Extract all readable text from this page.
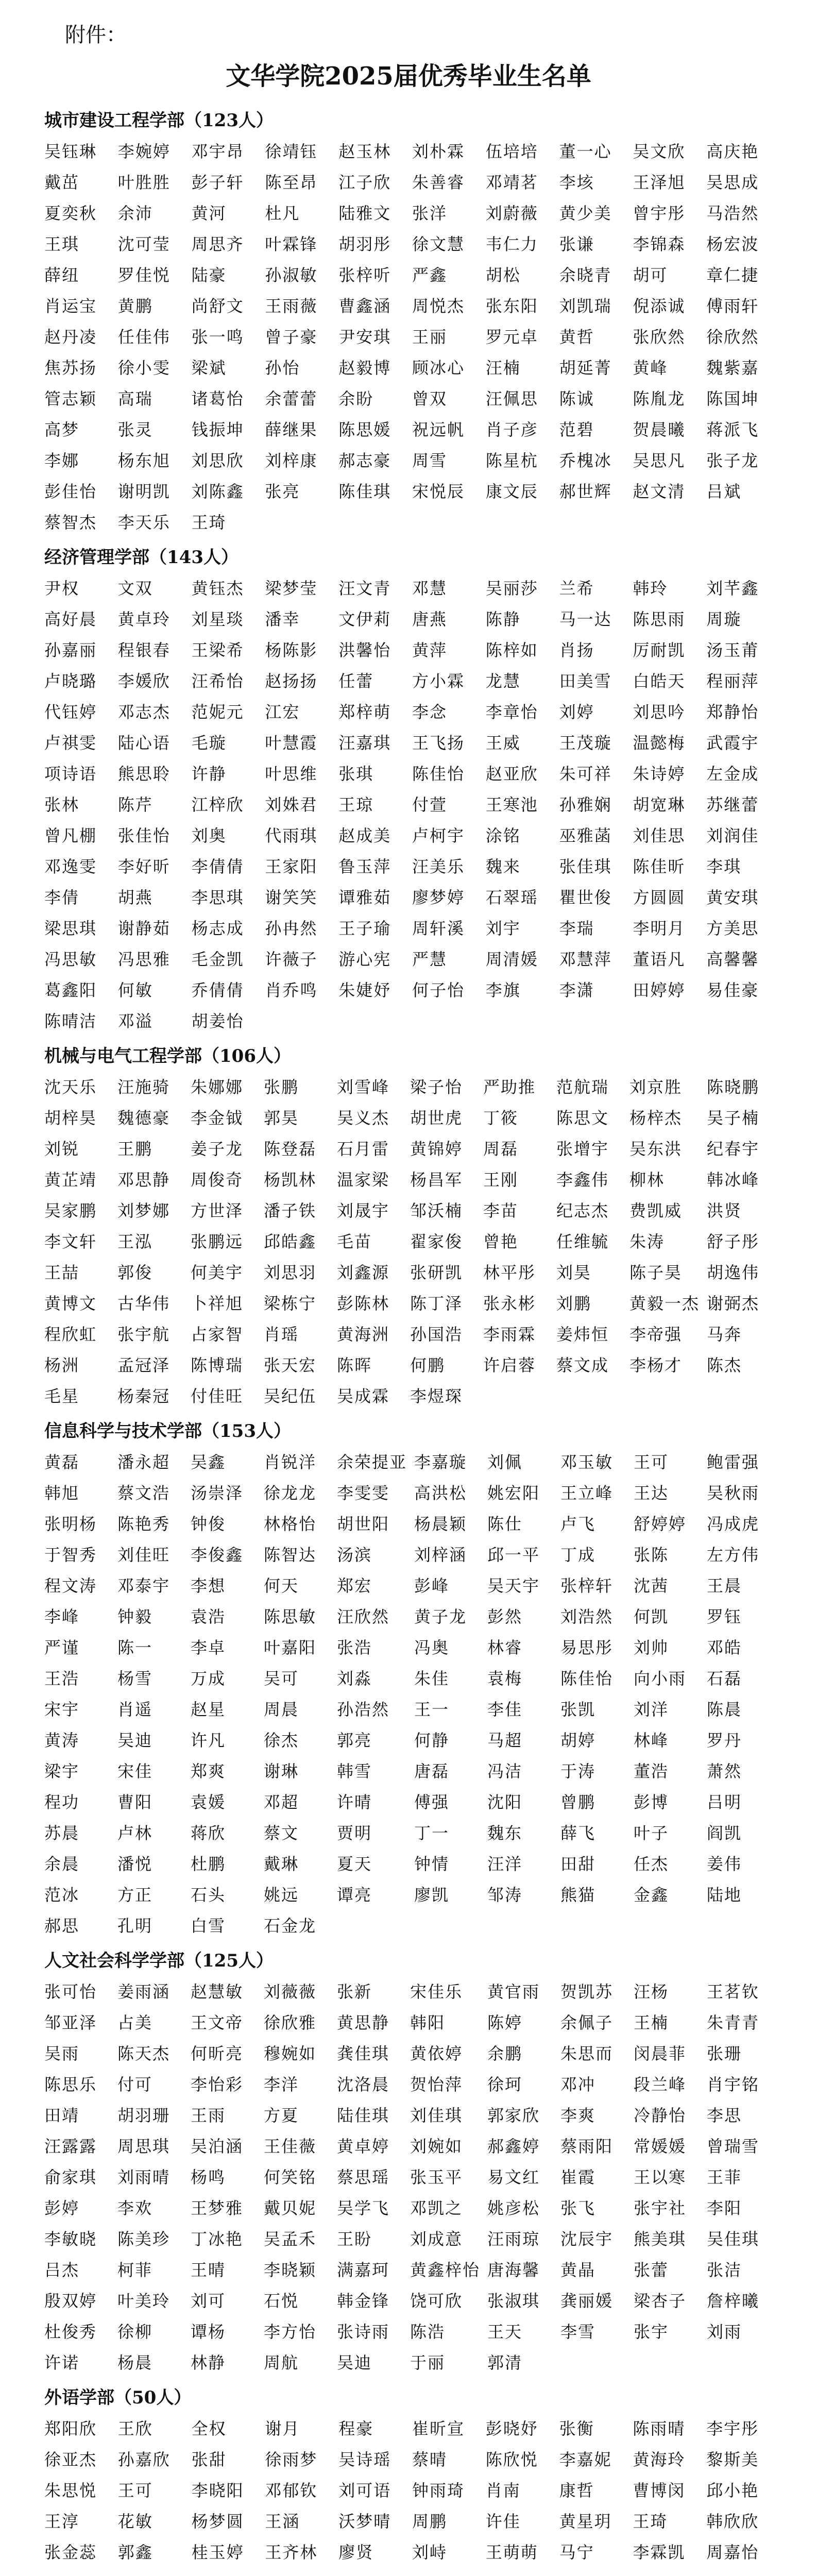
附件：
文华学院2025届优秀毕业生名单
城市建设工程学部（123人）
吴钰琳	李婉婷	邓宇昂	徐靖钰	赵玉林	刘朴霖	伍培培	董一心	吴文欣	高庆艳
戴茁	叶胜胜	彭子轩	陈至昂	江子欣	朱善睿	邓靖茗	李垓	王泽旭	吴思成
夏奕秋	余沛	黄河	杜凡	陆雅文	张洋	刘蔚薇	黄少美	曾宇彤	马浩然
王琪	沈可莹	周思齐	叶霖锋	胡羽彤	徐文慧	韦仁力	张谦	李锦森	杨宏波
薛纽	罗佳悦	陆豪	孙淑敏	张梓听	严鑫	胡松	余晓青	胡可	章仁捷
肖运宝	黄鹏	尚舒文	王雨薇	曹鑫涵	周悦杰	张东阳	刘凯瑞	倪添诚	傅雨轩
赵丹凌	任佳伟	张一鸣	曾子豪	尹安琪	王丽	罗元卓	黄哲	张欣然	徐欣然
焦苏扬	徐小雯	梁斌	孙怡	赵毅博	顾冰心	汪楠	胡延菁	黄峰	魏紫嘉
管志颖	高瑞	诸葛怡	余蕾蕾	余盼	曾双	汪佩思	陈诚	陈胤龙	陈国坤
高梦	张灵	钱振坤	薛继果	陈思媛	祝远帆	肖子彦	范碧	贺晨曦	蒋派飞
李娜	杨东旭	刘思欣	刘梓康	郝志豪	周雪	陈星杭	乔槐冰	吴思凡	张子龙
彭佳怡	谢明凯	刘陈鑫	张亮	陈佳琪	宋悦辰	康文辰	郝世辉	赵文清	吕斌
蔡智杰	李天乐	王琦
经济管理学部（143人）
尹权	文双	黄钰杰	梁梦莹	汪文青	邓慧	吴丽莎	兰希	韩玲	刘芊鑫
高好晨	黄卓玲	刘星琰	潘幸	文伊莉	唐燕	陈静	马一达	陈思雨	周璇
孙嘉丽	程银春	王梁希	杨陈影	洪馨怡	黄萍	陈梓如	肖扬	厉耐凯	汤玉莆
卢晓璐	李媛欣	汪希怡	赵扬扬	任蕾	方小霖	龙慧	田美雪	白皓天	程丽萍
代钰婷	邓志杰	范妮元	江宏	郑梓萌	李念	李章怡	刘婷	刘思吟	郑静怡
卢祺雯	陆心语	毛璇	叶慧霞	汪嘉琪	王飞扬	王威	王茂璇	温懿梅	武霞宇
项诗语	熊思聆	许静	叶思维	张琪	陈佳怡	赵亚欣	朱可祥	朱诗婷	左金成
张林	陈芹	江梓欣	刘姝君	王琼	付萱	王寒池	孙雅娴	胡宽琳	苏继蕾
曾凡棚	张佳怡	刘奥	代雨琪	赵成美	卢柯宇	涂铭	巫雅菡	刘佳思	刘润佳
邓逸雯	李好昕	李倩倩	王家阳	鲁玉萍	汪美乐	魏来	张佳琪	陈佳昕	李琪
李倩	胡燕	李思琪	谢笑笑	谭雅茹	廖梦婷	石翠瑶	瞿世俊	方圆圆	黄安琪
梁思琪	谢静茹	杨志成	孙冉然	王子瑜	周轩溪	刘宇	李瑞	李明月	方美思
冯思敏	冯思雅	毛金凯	许薇子	游心宪	严慧	周清媛	邓慧萍	董语凡	高馨馨
葛鑫阳	何敏	乔倩倩	肖乔鸣	朱婕妤	何子怡	李旗	李潇	田婷婷	易佳豪
陈晴洁	邓溢	胡姜怡
机械与电气工程学部（106人）
沈天乐	汪施骑	朱娜娜	张鹏	刘雪峰	梁子怡	严助推	范航瑞	刘京胜	陈晓鹏
胡梓昊	魏德豪	李金钺	郭昊	吴义杰	胡世虎	丁筱	陈思文	杨梓杰	吴子楠
刘锐	王鹏	姜子龙	陈登磊	石月雷	黄锦婷	周磊	张增宇	吴东洪	纪春宇
黄芷靖	邓思静	周俊奇	杨凯林	温家梁	杨昌军	王刚	李鑫伟	柳林	韩冰峰
吴家鹏	刘梦娜	方世泽	潘子铁	刘晟宇	邹沃楠	李苗	纪志杰	费凯威	洪贤
李文轩	王泓	张鹏远	邱皓鑫	毛苗	翟家俊	曾艳	任维毓	朱涛	舒子彤
王喆	郭俊	何美宇	刘思羽	刘鑫源	张研凯	林平彤	刘昊	陈子昊	胡逸伟
黄博文	古华伟	卜祥旭	梁栋宁	彭陈林	陈丁泽	张永彬	刘鹏	黄毅一杰 谢弼杰
程欣虹	张宇航	占家智	肖瑶	黄海洲	孙国浩	李雨霖	姜炜恒	李帝强	马奔
杨洲	孟冠泽	陈博瑞	张天宏	陈晖	何鹏	许启蓉	蔡文成	李杨才	陈杰
毛星	杨秦冠	付佳旺	吴纪伍	吴成霖	李煜琛
信息科学与技术学部（153人）
黄磊	潘永超	吴鑫	肖锐洋	余荣提亚 李嘉璇	刘佩	邓玉敏	王可	鲍雷强
韩旭	蔡文浩	汤崇泽	徐龙龙	李雯雯	高洪松	姚宏阳	王立峰	王达	吴秋雨
张明杨	陈艳秀	钟俊	林格怡	胡世阳	杨晨颖	陈仕	卢飞	舒婷婷	冯成虎
于智秀	刘佳旺	李俊鑫	陈智达	汤滨	刘梓涵	邱一平	丁成	张陈	左方伟
程文涛	邓泰宇	李想	何天	郑宏	彭峰	吴天宇	张梓轩	沈茜	王晨
李峰	钟毅	袁浩	陈思敏	汪欣然	黄子龙	彭然	刘浩然	何凯	罗钰
严谨	陈一	李卓	叶嘉阳	张浩	冯奥	林睿	易思彤	刘帅	邓皓
王浩	杨雪	万成	吴可	刘淼	朱佳	袁梅	陈佳怡	向小雨	石磊
宋宇	肖遥	赵星	周晨	孙浩然	王一	李佳	张凯	刘洋	陈晨
黄涛	吴迪	许凡	徐杰	郭亮	何静	马超	胡婷	林峰	罗丹
梁宇	宋佳	郑爽	谢琳	韩雪	唐磊	冯洁	于涛	董浩	萧然
程功	曹阳	袁媛	邓超	许晴	傅强	沈阳	曾鹏	彭博	吕明
苏晨	卢林	蒋欣	蔡文	贾明	丁一	魏东	薛飞	叶子	阎凯
余晨	潘悦	杜鹏	戴琳	夏天	钟情	汪洋	田甜	任杰	姜伟
范冰	方正	石头	姚远	谭亮	廖凯	邹涛	熊猫	金鑫	陆地
郝思	孔明	白雪	石金龙
人文社会科学学部（125人）
张可怡	姜雨涵	赵慧敏	刘薇薇	张新	宋佳乐	黄官雨	贺凯苏	汪杨	王茗钦
邹亚泽	占美	王文帝	徐欣雅	黄思静	韩阳	陈婷	余佩子	王楠	朱青青
吴雨	陈天杰	何昕亮	穆婉如	龚佳琪	黄依婷	余鹏	朱思而	闵晨菲	张珊
陈思乐	付可	李怡彩	李洋	沈洛晨	贺怡萍	徐珂	邓冲	段兰峰	肖宇铭
田靖	胡羽珊	王雨	方夏	陆佳琪	刘佳琪	郭家欣	李爽	冷静怡	李思
汪露露	周思琪	吴泊涵	王佳薇	黄卓婷	刘婉如	郝鑫婷	蔡雨阳	常媛媛	曾瑞雪
俞家琪	刘雨晴	杨鸣	何笑铭	蔡思瑶	张玉平	易文红	崔霞	王以寒	王菲
彭婷	李欢	王梦雅	戴贝妮	吴学飞	邓凯之	姚彦松	张飞	张宇社	李阳
李敏晓	陈美珍	丁冰艳	吴孟禾	王盼	刘成意	汪雨琼	沈辰宇	熊美琪	吴佳琪
吕杰	柯菲	王晴	李晓颖	满嘉珂	黄鑫梓怡 唐海馨	黄晶	张蕾	张洁
殷双婷	叶美玲	刘可	石悦	韩金锋	饶可欣	张淑琪	龚丽媛	梁杏子	詹梓曦
杜俊秀	徐柳	谭杨	李方怡	张诗雨	陈浩	王天	李雪	张宇	刘雨
许诺	杨晨	林静	周航	吴迪	于丽	郭清
外语学部（50人）
郑阳欣	王欣	全权	谢月	程豪	崔昕宣	彭晓妤	张衡	陈雨晴	李宇彤
徐亚杰	孙嘉欣	张甜	徐雨梦	吴诗瑶	蔡晴	陈欣悦	李嘉妮	黄海玲	黎斯美
朱思悦	王可	李晓阳	邓郁钦	刘可语	钟雨琦	肖南	康哲	曹博闵	邱小艳
王淳	花敏	杨梦圆	王涵	沃梦晴	周鹏	许佳	黄星玥	王琦	韩欣欣
张金蕊	郭鑫	桂玉婷	王齐林	廖贤	刘峙	王萌萌	马宁	李霖凯	周嘉怡
